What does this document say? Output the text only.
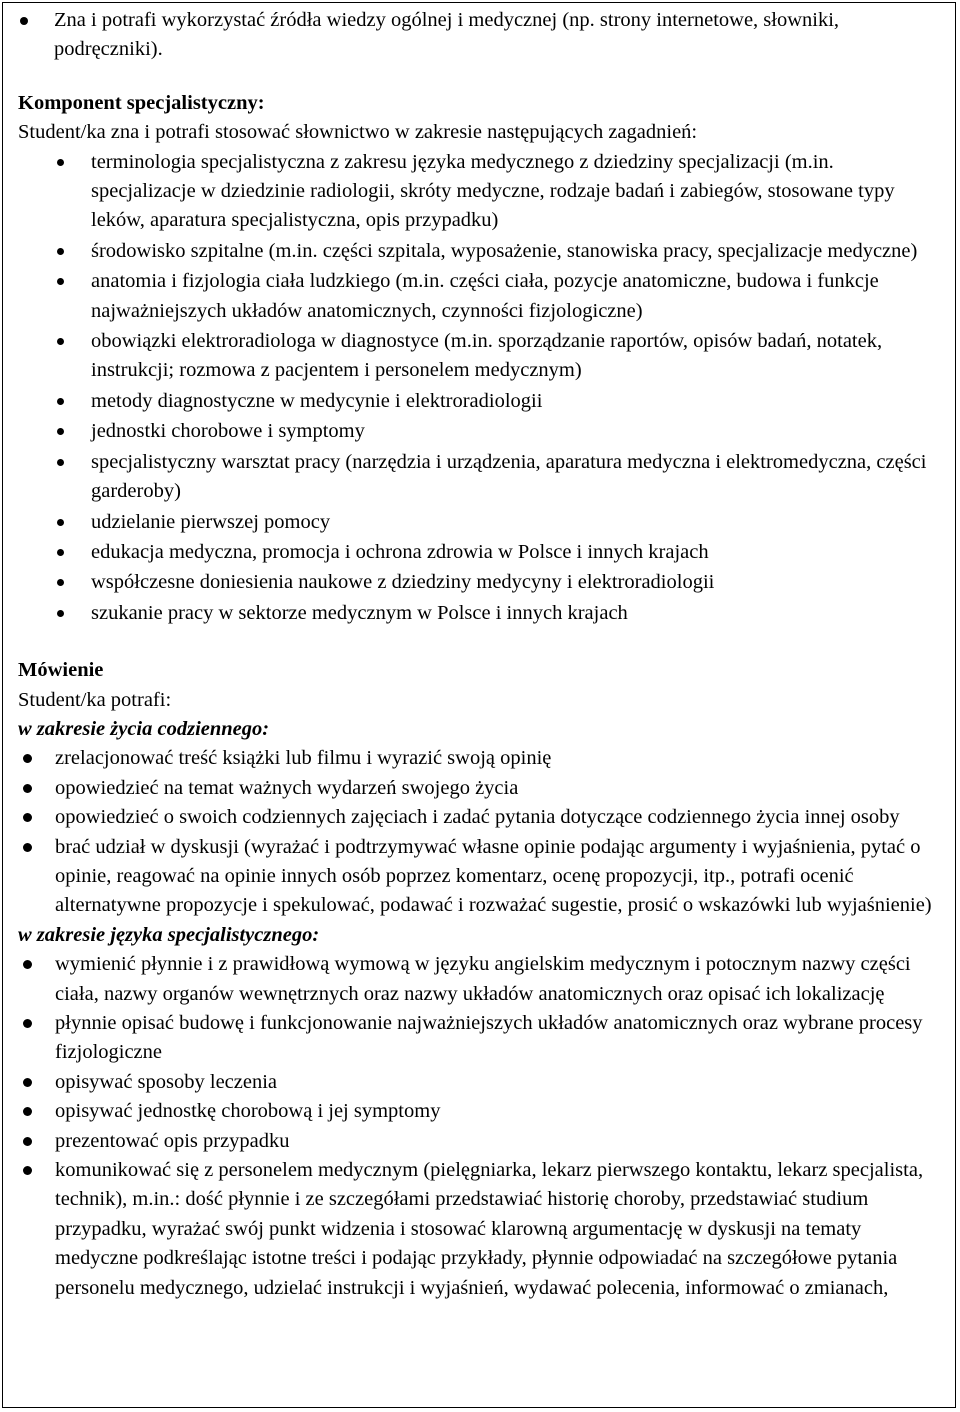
Zna i potrafi wykorzystać źródła wiedzy ogólnej i medycznej (np. strony internetowe, słowniki, podręczniki).
Komponent specjalistyczny:
Student/ka zna i potrafi stosować słownictwo w zakresie następujących zagadnień:
terminologia specjalistyczna z zakresu języka medycznego z dziedziny specjalizacji (m.in. specjalizacje w dziedzinie radiologii, skróty medyczne, rodzaje badań i zabiegów, stosowane typy leków, aparatura specjalistyczna, opis przypadku)
środowisko szpitalne (m.in. części szpitala, wyposażenie, stanowiska pracy, specjalizacje medyczne)
anatomia i fizjologia ciała ludzkiego (m.in. części ciała, pozycje anatomiczne, budowa i funkcje najważniejszych układów anatomicznych, czynności fizjologiczne)
obowiązki elektroradiologa w diagnostyce (m.in. sporządzanie raportów, opisów badań, notatek, instrukcji; rozmowa z pacjentem i personelem medycznym)
metody diagnostyczne w medycynie i elektroradiologii
jednostki chorobowe i symptomy
specjalistyczny warsztat pracy (narzędzia i urządzenia, aparatura medyczna i elektromedyczna, części garderoby)
udzielanie pierwszej pomocy
edukacja medyczna, promocja i ochrona zdrowia w Polsce i innych krajach
współczesne doniesienia naukowe z dziedziny medycyny i elektroradiologii
szukanie pracy w sektorze medycznym w Polsce i innych krajach
Mówienie
Student/ka potrafi:
w zakresie życia codziennego:
zrelacjonować treść książki lub filmu i wyrazić swoją opinię
opowiedzieć na temat ważnych wydarzeń swojego życia
opowiedzieć o swoich codziennych zajęciach i zadać pytania dotyczące codziennego życia innej osoby
brać udział w dyskusji (wyrażać i podtrzymywać własne opinie podając argumenty i wyjaśnienia, pytać o opinie, reagować na opinie innych osób poprzez komentarz, ocenę propozycji, itp., potrafi ocenić alternatywne propozycje i spekulować, podawać i rozważać sugestie, prosić o wskazówki lub wyjaśnienie)
w zakresie języka specjalistycznego:
wymienić płynnie i z prawidłową wymową w języku angielskim medycznym i potocznym nazwy części ciała, nazwy organów wewnętrznych oraz nazwy układów anatomicznych oraz opisać ich lokalizację
płynnie opisać budowę i funkcjonowanie najważniejszych układów anatomicznych oraz wybrane procesy fizjologiczne
opisywać sposoby leczenia
opisywać jednostkę chorobową i jej symptomy
prezentować opis przypadku
komunikować się z personelem medycznym (pielęgniarka, lekarz pierwszego kontaktu, lekarz specjalista, technik), m.in.: dość płynnie i ze szczegółami przedstawiać historię choroby, przedstawiać studium przypadku, wyrażać swój punkt widzenia i stosować klarowną argumentację w dyskusji na tematy medyczne podkreślając istotne treści i podając przykłady, płynnie odpowiadać na szczegółowe pytania personelu medycznego, udzielać instrukcji i wyjaśnień, wydawać polecenia, informować o zmianach,
